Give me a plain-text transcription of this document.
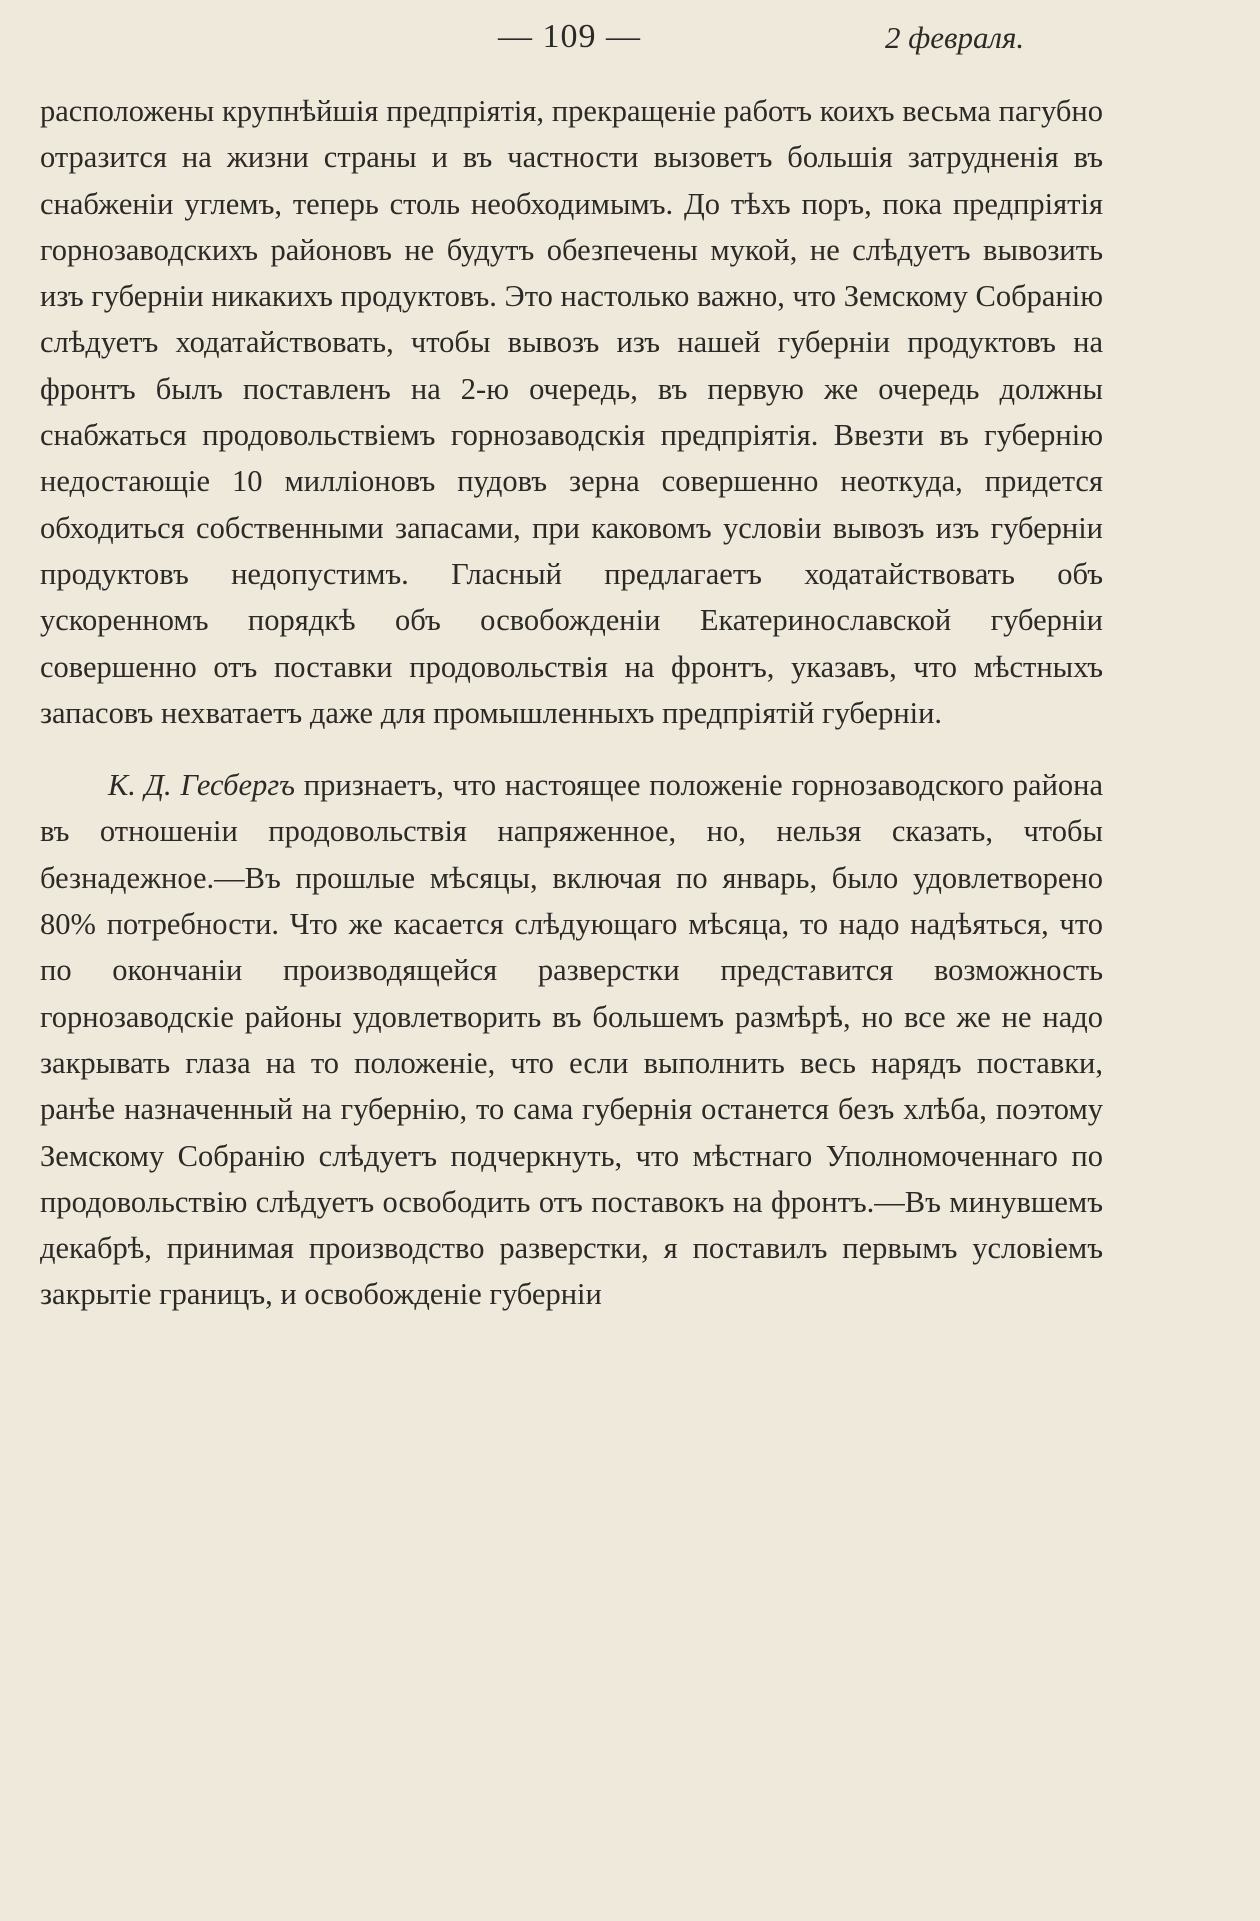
— 109 —	2 февраля.

расположены крупнѣйшія предпріятія, прекращеніе работъ коихъ весьма пагубно отразится на жизни страны и въ частности вызоветъ большія затрудненія въ снабженіи углемъ, теперь столь необходимымъ. До тѣхъ поръ, пока предпріятія горнозаводскихъ районовъ не будутъ обезпечены мукой, не слѣдуетъ вывозить изъ губерніи никакихъ продуктовъ. Это настолько важно, что Земскому Собранію слѣдуетъ ходатайствовать, чтобы вывозъ изъ нашей губерніи продуктовъ на фронтъ былъ поставленъ на 2-ю очередь, въ первую же очередь должны снабжаться продовольствіемъ горнозаводскія предпріятія. Ввезти въ губернію недостающіе 10 милліоновъ пудовъ зерна совершенно неоткуда, придется обходиться собственными запасами, при каковомъ условіи вывозъ изъ губерніи продуктовъ недопустимъ. Гласный предлагаетъ ходатайствовать объ ускоренномъ порядкѣ объ освобожденіи Екатеринославской губерніи совершенно отъ поставки продовольствія на фронтъ, указавъ, что мѣстныхъ запасовъ нехватаетъ даже для промышленныхъ предпріятій губерніи.

К. Д. Гесбергъ признаетъ, что настоящее положеніе горнозаводского района въ отношеніи продовольствія напряженное, но, нельзя сказать, чтобы безнадежное.—Въ прошлые мѣсяцы, включая по январь, было удовлетворено 80% потребности. Что же касается слѣдующаго мѣсяца, то надо надѣяться, что по окончаніи производящейся разверстки представится возможность горнозаводскіе районы удовлетворить въ большемъ размѣрѣ, но все же не надо закрывать глаза на то положеніе, что если выполнить весь нарядъ поставки, ранѣе назначенный на губернію, то сама губернія останется безъ хлѣба, поэтому Земскому Собранію слѣдуетъ подчеркнуть, что мѣстнаго Уполномоченнаго по продовольствію слѣдуетъ освободить отъ поставокъ на фронтъ.—Въ минувшемъ декабрѣ, принимая производство разверстки, я поставилъ первымъ условіемъ закрытіе границъ, и освобожденіе губерніи
